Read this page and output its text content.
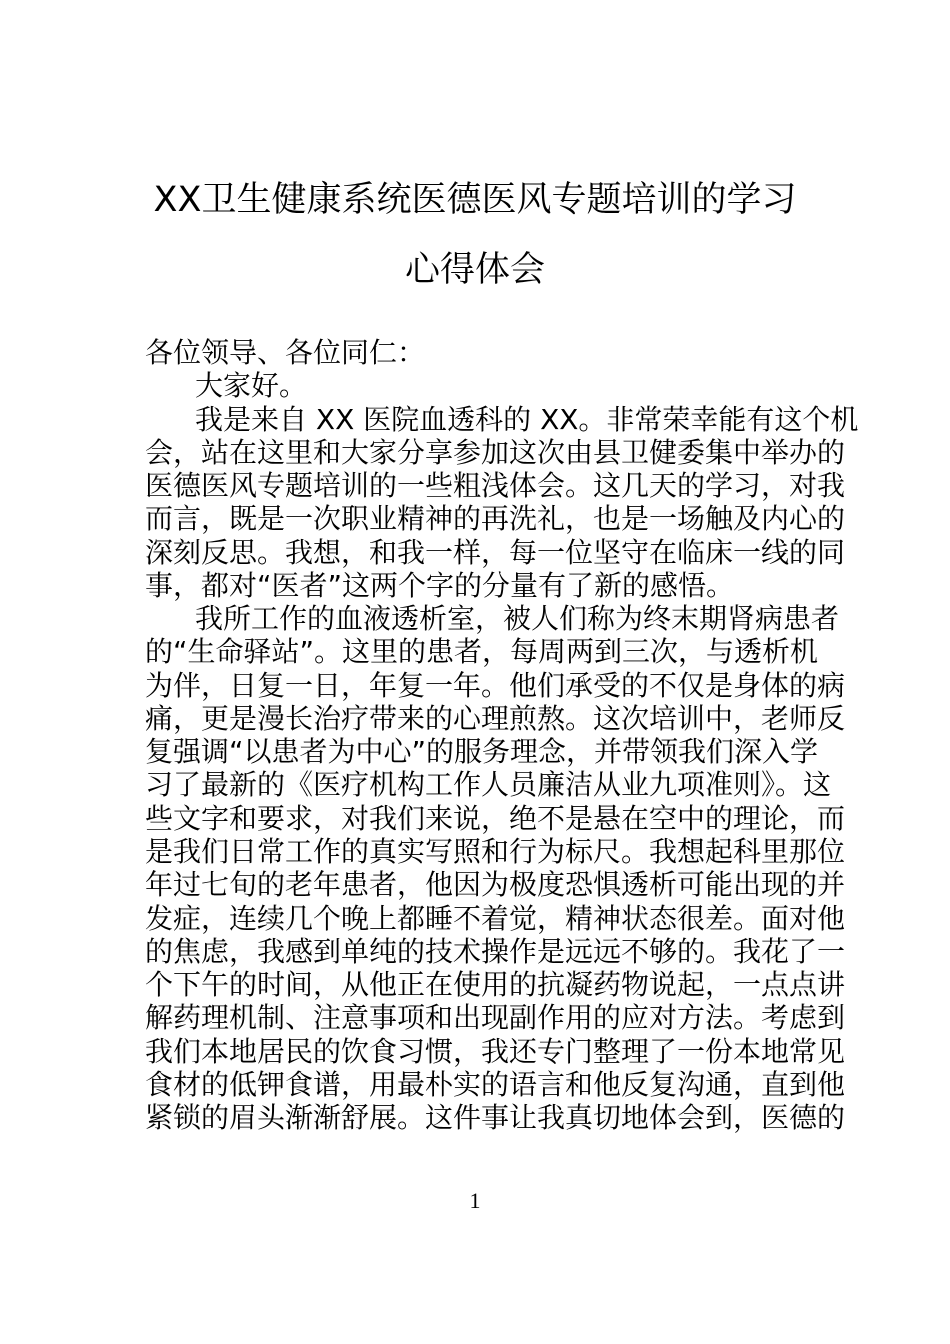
XX卫生健康系统医德医风专题培训的学习
心得体会
各位领导、各位同仁：
大家好。
我是来自 XX 医院血透科的 XX。非常荣幸能有这个机
会，站在这里和大家分享参加这次由县卫健委集中举办的
医德医风专题培训的一些粗浅体会。这几天的学习，对我
而言，既是一次职业精神的再洗礼，也是一场触及内心的
深刻反思。我想，和我一样，每一位坚守在临床一线的同
事，都对“医者”这两个字的分量有了新的感悟。
我所工作的血液透析室，被人们称为终末期肾病患者
的“生命驿站”。这里的患者，每周两到三次，与透析机
为伴，日复一日，年复一年。他们承受的不仅是身体的病
痛，更是漫长治疗带来的心理煎熬。这次培训中，老师反
复强调“以患者为中心”的服务理念，并带领我们深入学
习了最新的《医疗机构工作人员廉洁从业九项准则》。这
些文字和要求，对我们来说，绝不是悬在空中的理论，而
是我们日常工作的真实写照和行为标尺。我想起科里那位
年过七旬的老年患者，他因为极度恐惧透析可能出现的并
发症，连续几个晚上都睡不着觉，精神状态很差。面对他
的焦虑，我感到单纯的技术操作是远远不够的。我花了一
个下午的时间，从他正在使用的抗凝药物说起，一点点讲
解药理机制、注意事项和出现副作用的应对方法。考虑到
我们本地居民的饮食习惯，我还专门整理了一份本地常见
食材的低钾食谱，用最朴实的语言和他反复沟通，直到他
紧锁的眉头渐渐舒展。这件事让我真切地体会到，医德的
1
